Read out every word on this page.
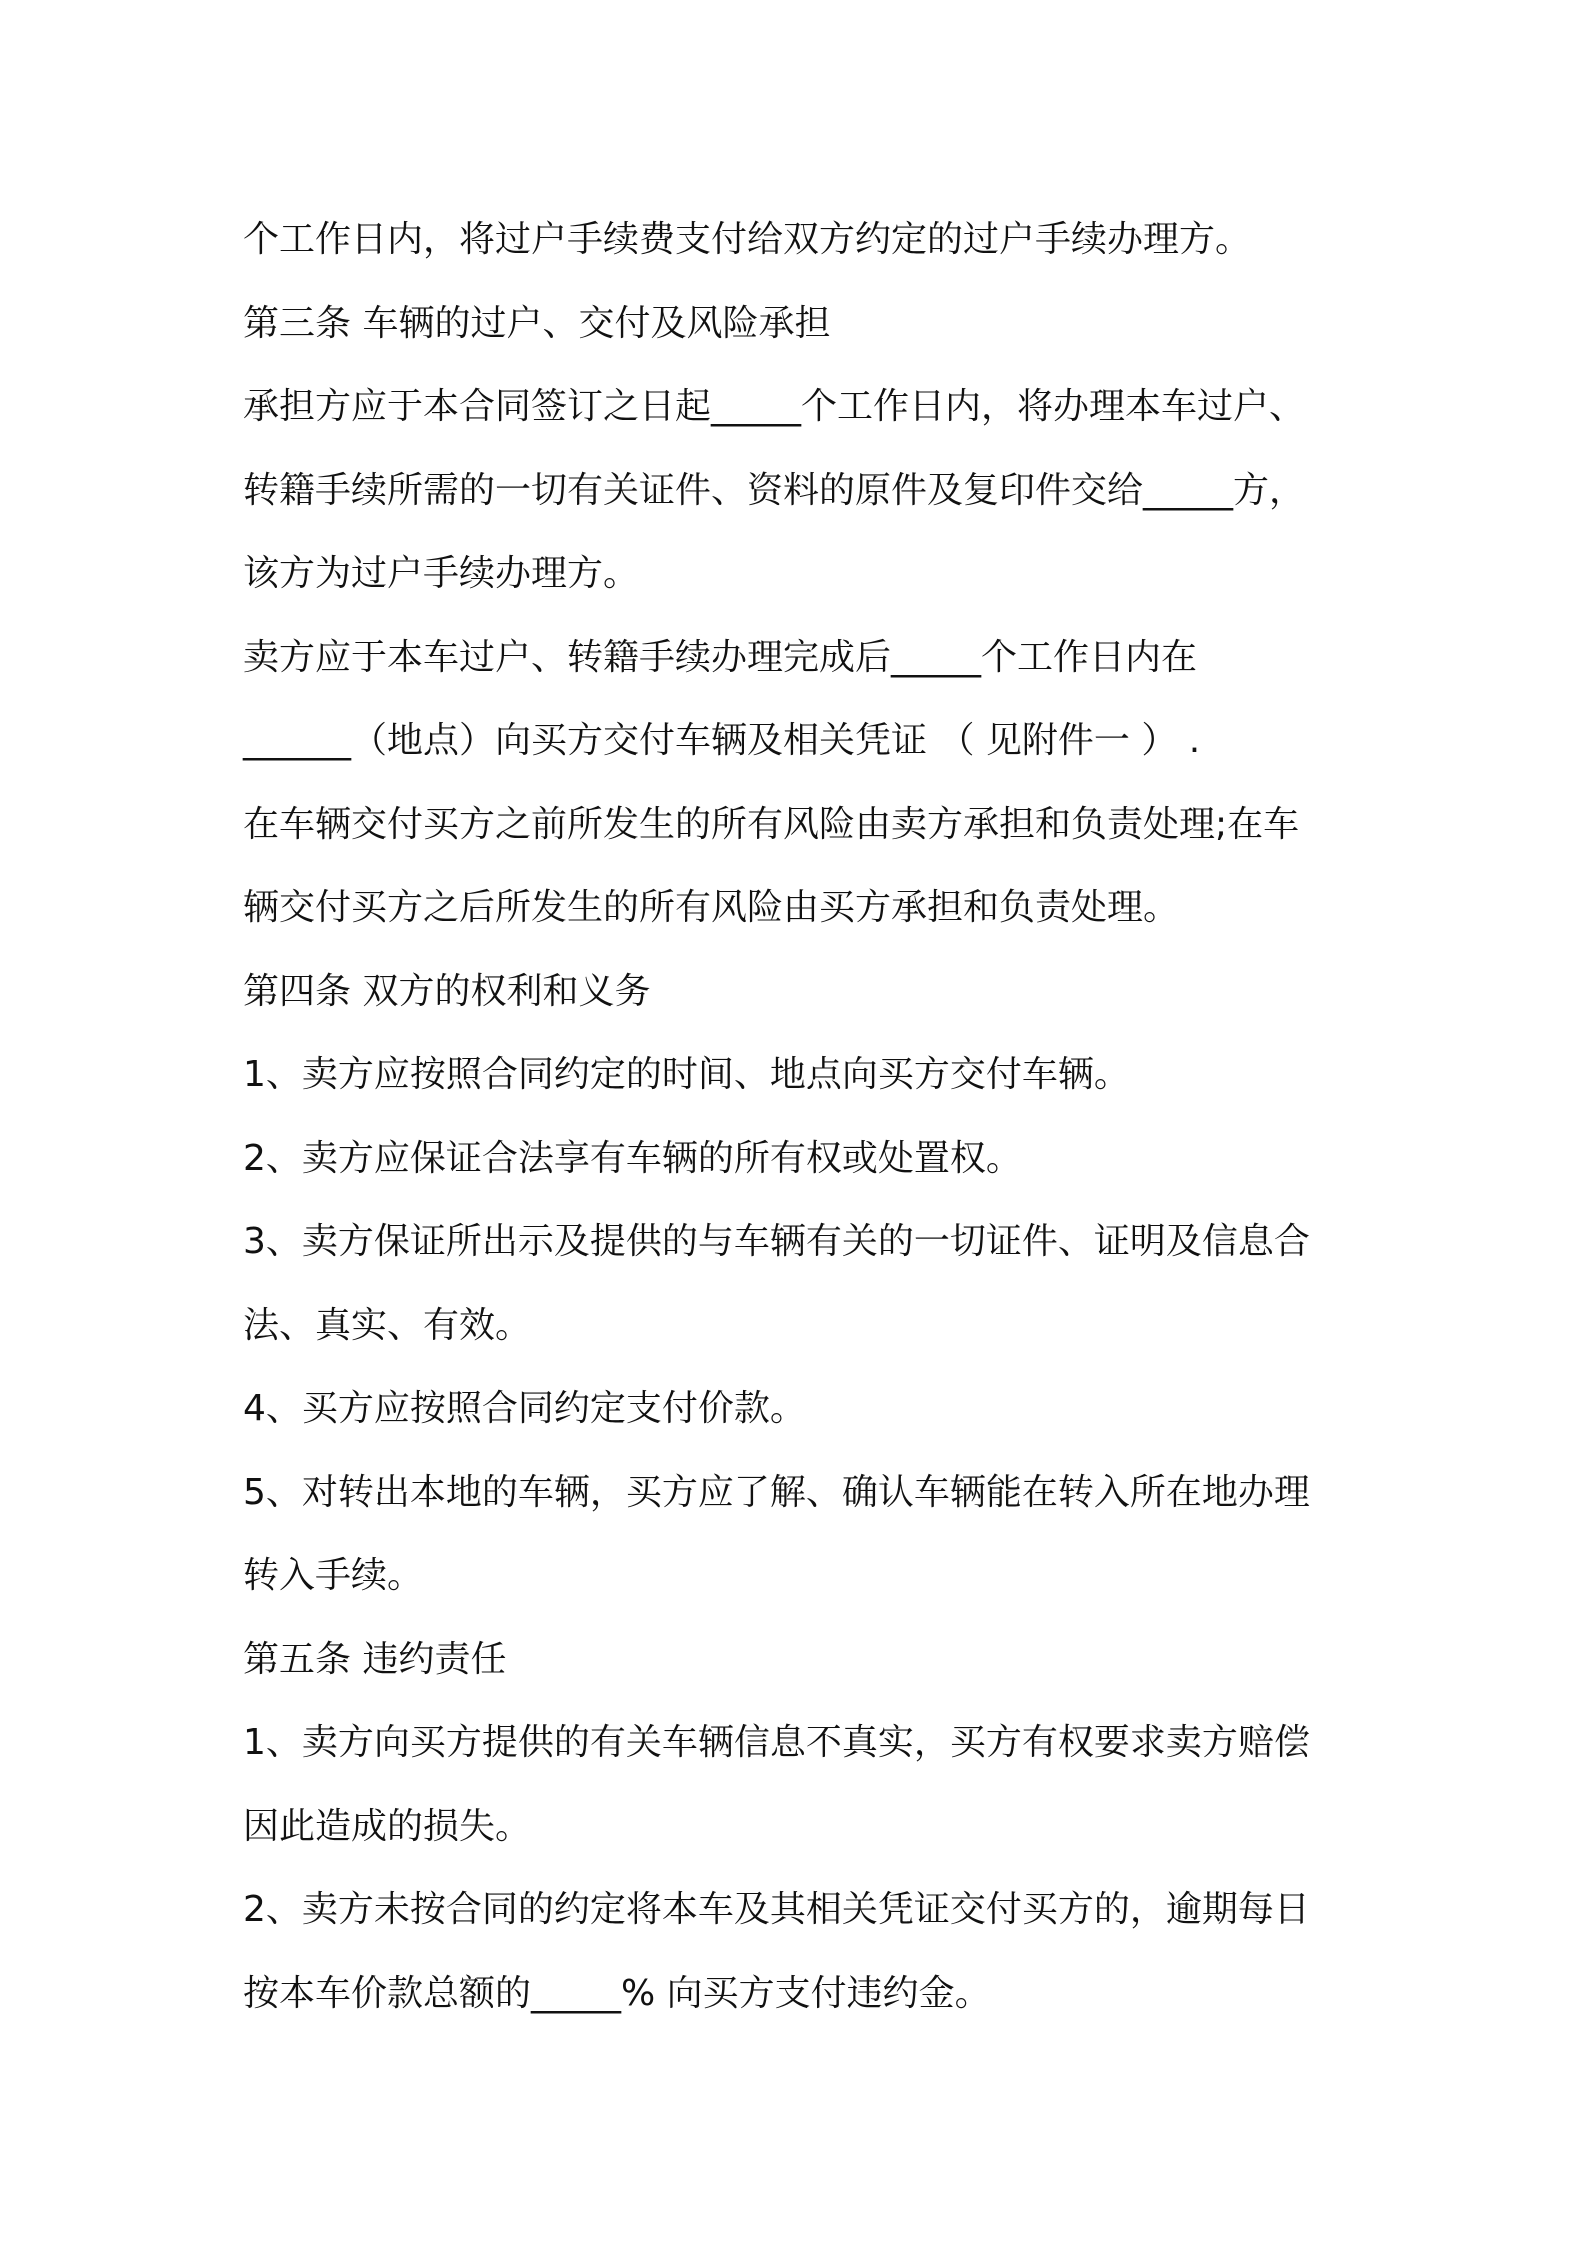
个工作日内，将过户手续费支付给双方约定的过户手续办理方。
第三条 车辆的过户、交付及风险承担
承担方应于本合同签订之日起_____个工作日内，将办理本车过户、
转籍手续所需的一切有关证件、资料的原件及复印件交给_____方，
该方为过户手续办理方。
卖方应于本车过户、转籍手续办理完成后_____个工作日内在
______（地点）向买方交付车辆及相关凭证 （ 见附件一 ） .
在车辆交付买方之前所发生的所有风险由卖方承担和负责处理;在车
辆交付买方之后所发生的所有风险由买方承担和负责处理。
第四条 双方的权利和义务
1、卖方应按照合同约定的时间、地点向买方交付车辆。
2、卖方应保证合法享有车辆的所有权或处置权。
3、卖方保证所出示及提供的与车辆有关的一切证件、证明及信息合
法、真实、有效。
4、买方应按照合同约定支付价款。
5、对转出本地的车辆，买方应了解、确认车辆能在转入所在地办理
转入手续。
第五条 违约责任
1、卖方向买方提供的有关车辆信息不真实，买方有权要求卖方赔偿
因此造成的损失。
2、卖方未按合同的约定将本车及其相关凭证交付买方的，逾期每日
按本车价款总额的_____% 向买方支付违约金。
